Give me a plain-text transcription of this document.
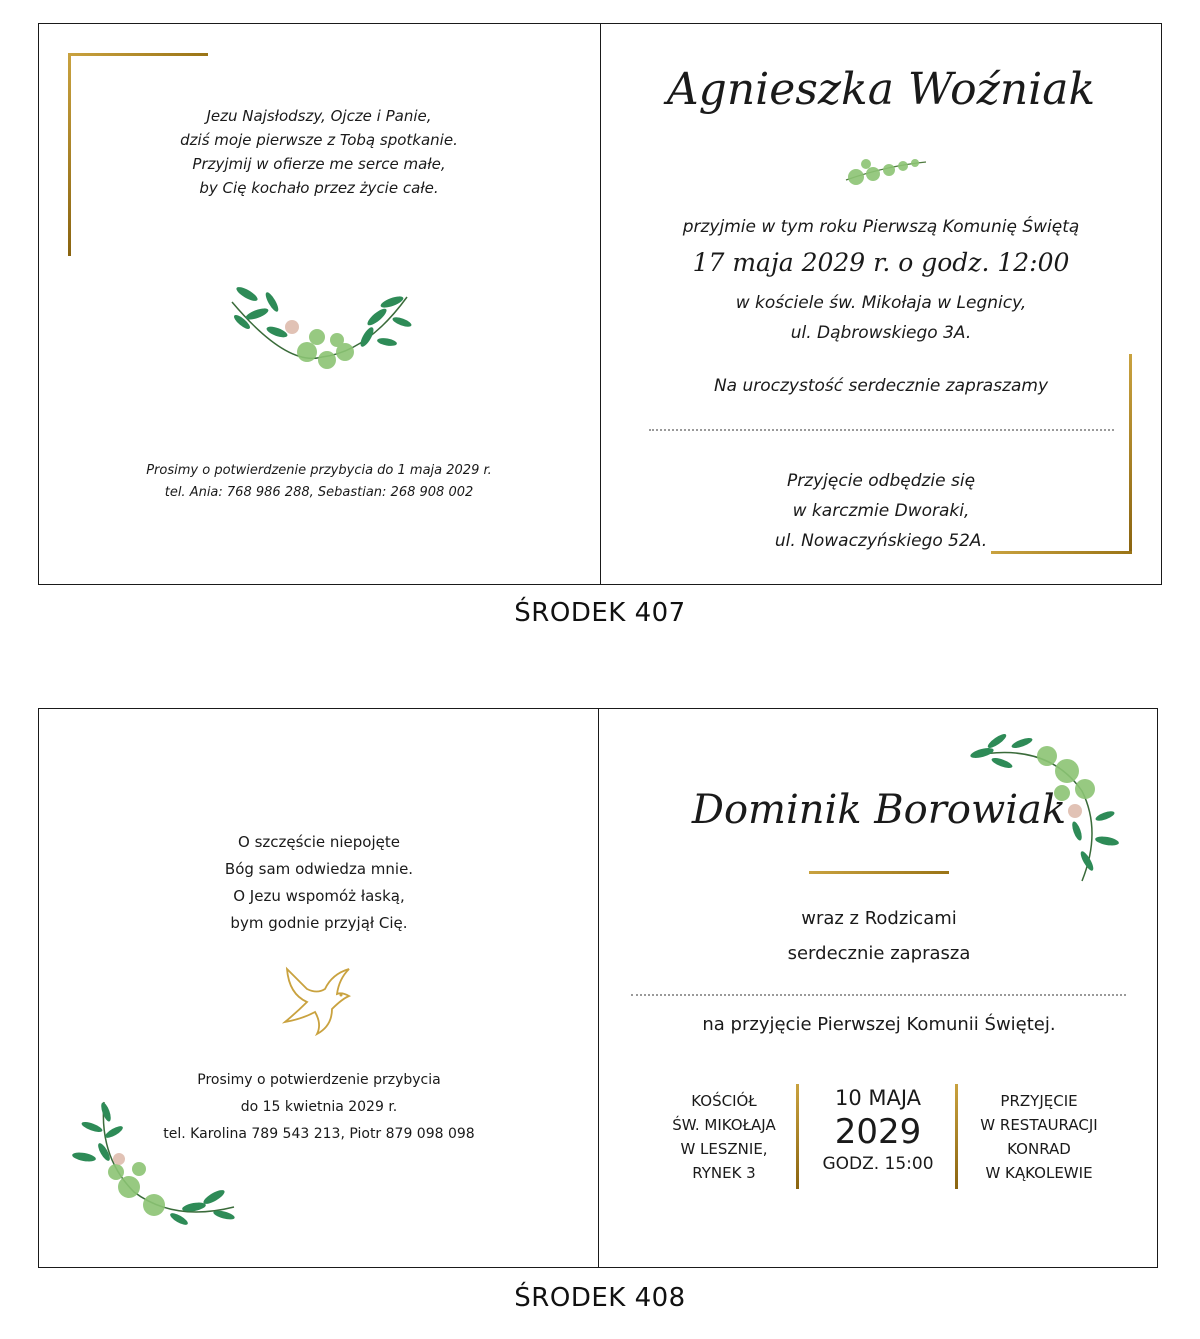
Jezu Najsłodszy, Ojcze i Panie,
dziś moje pierwsze z Tobą spotkanie.
Przyjmij w ofierze me serce małe,
by Cię kochało przez życie całe.
Prosimy o potwierdzenie przybycia do 1 maja 2029 r.
tel. Ania: 768 986 288, Sebastian: 268 908 002
Agnieszka Woźniak
przyjmie w tym roku Pierwszą Komunię Świętą
17 maja 2029 r. o godz. 12:00
w kościele św. Mikołaja w Legnicy,
ul. Dąbrowskiego 3A.
Na uroczystość serdecznie zapraszamy
Przyjęcie odbędzie się
w karczmie Dworaki,
ul. Nowaczyńskiego 52A.
ŚRODEK 407
O szczęście niepojęte
Bóg sam odwiedza mnie.
O Jezu wspomóż łaską,
bym godnie przyjął Cię.
Prosimy o potwierdzenie przybycia
do 15 kwietnia 2029 r.
tel. Karolina 789 543 213, Piotr 879 098 098
Dominik Borowiak
wraz z Rodzicami
serdecznie zaprasza
na przyjęcie Pierwszej Komunii Świętej.
KOŚCIÓŁ
ŚW. MIKOŁAJA
W LESZNIE,
RYNEK 3
10 MAJA
2029
GODZ. 15:00
PRZYJĘCIE
W RESTAURACJI
KONRAD
W KĄKOLEWIE
ŚRODEK 408
